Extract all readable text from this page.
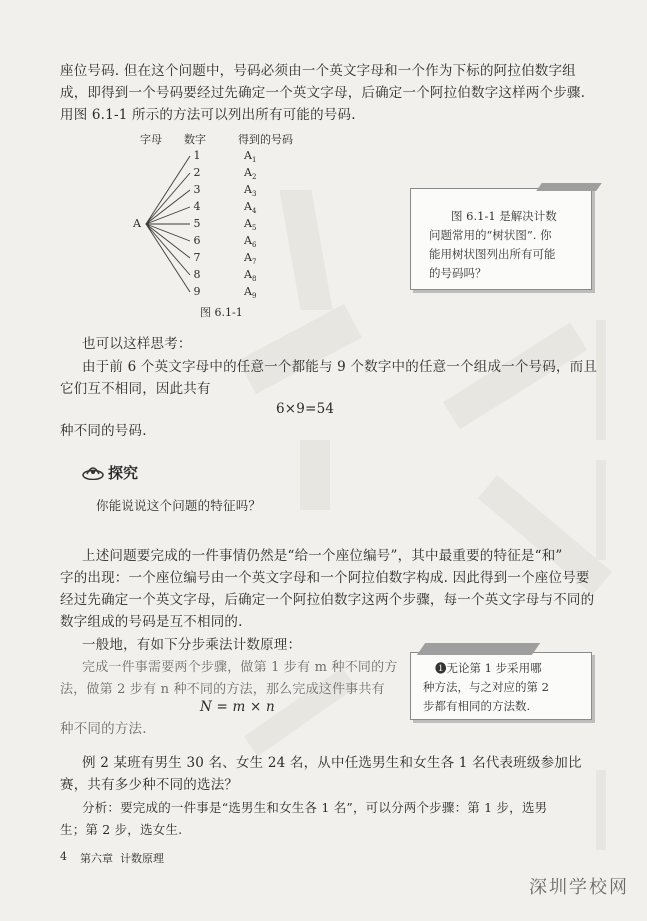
座位号码. 但在这个问题中，号码必须由一个英文字母和一个作为下标的阿拉伯数字组
成，即得到一个号码要经过先确定一个英文字母，后确定一个阿拉伯数字这样两个步骤.
用图 6.1-1 所示的方法可以列出所有可能的号码.
字母 数字	得到的号码
A
1
2
3
4
5
6
7
8
9
$A_1$
$A_2$
$A_3$
$A_4$
$A_5$
$A_6$
$A_7$
$A_8$
$A_9$
图 6.1-1
图 6.1-1 是解决计数
问题常用的“树状图”. 你
能用树状图列出所有可能
的号码吗？
也可以这样思考：
由于前 6 个英文字母中的任意一个都能与 9 个数字中的任意一个组成一个号码，而且
它们互不相同，因此共有
6×9=54
种不同的号码.
探究
你能说说这个问题的特征吗？
上述问题要完成的一件事情仍然是“给一个座位编号”，其中最重要的特征是“和”
字的出现：一个座位编号由一个英文字母和一个阿拉伯数字构成. 因此得到一个座位号要
经过先确定一个英文字母，后确定一个阿拉伯数字这两个步骤，每一个英文字母与不同的
数字组成的号码是互不相同的.
一般地，有如下分步乘法计数原理：
完成一件事需要两个步骤，做第 1 步有 m 种不同的方
法，做第 2 步有 n 种不同的方法，那么完成这件事共有
N = m × n
种不同的方法.
❶无论第 1 步采用哪
种方法，与之对应的第 2
步都有相同的方法数.
例 2 某班有男生 30 名、女生 24 名，从中任选男生和女生各 1 名代表班级参加比
赛，共有多少种不同的选法？
分析：要完成的一件事是“选男生和女生各 1 名”，可以分两个步骤：第 1 步，选男
生；第 2 步，选女生.
4 第六章 计数原理
深圳学校网
